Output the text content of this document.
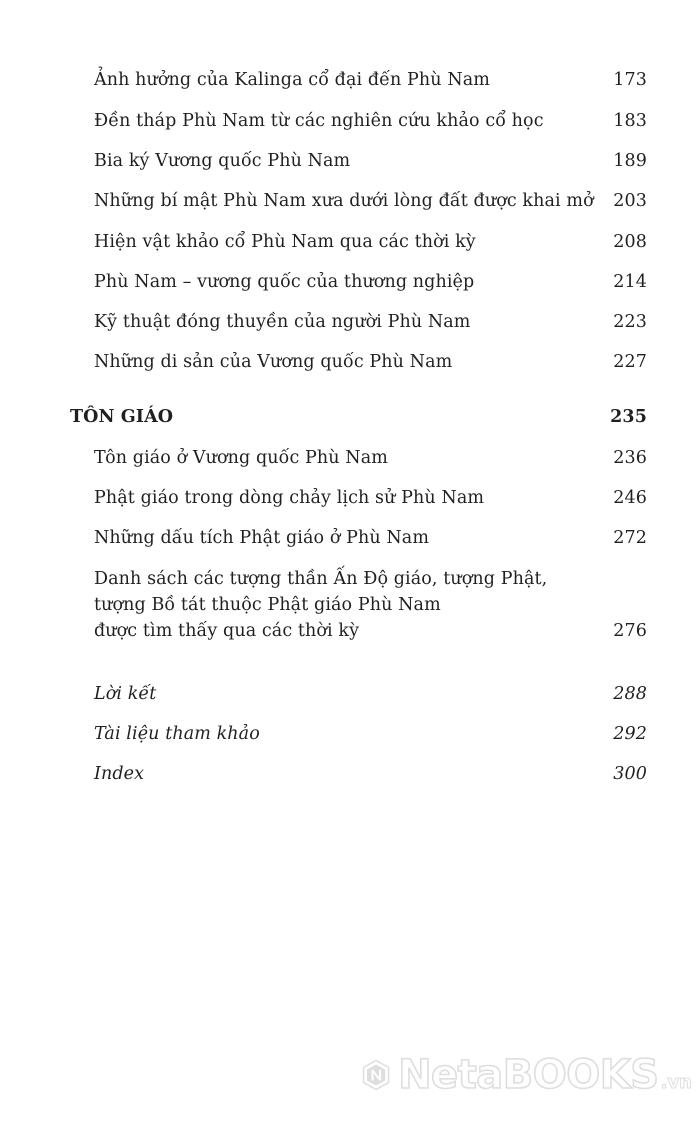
Ảnh hưởng của Kalinga cổ đại đến Phù Nam	173
Đền tháp Phù Nam từ các nghiên cứu khảo cổ học	183
Bia ký Vương quốc Phù Nam	189
Những bí mật Phù Nam xưa dưới lòng đất được khai mở 203
Hiện vật khảo cổ Phù Nam qua các thời kỳ	208
Phù Nam – vương quốc của thương nghiệp	214
Kỹ thuật đóng thuyền của người Phù Nam	223
Những di sản của Vương quốc Phù Nam	227
TÔN GIÁO	235
Tôn giáo ở Vương quốc Phù Nam	236
Phật giáo trong dòng chảy lịch sử Phù Nam	246
Những dấu tích Phật giáo ở Phù Nam	272
Danh sách các tượng thần Ấn Độ giáo, tượng Phật,
tượng Bồ tát thuộc Phật giáo Phù Nam
được tìm thấy qua các thời kỳ	276
Lời kết	288
Tài liệu tham khảo	292
Index	300
NetaBOOKS .vn
